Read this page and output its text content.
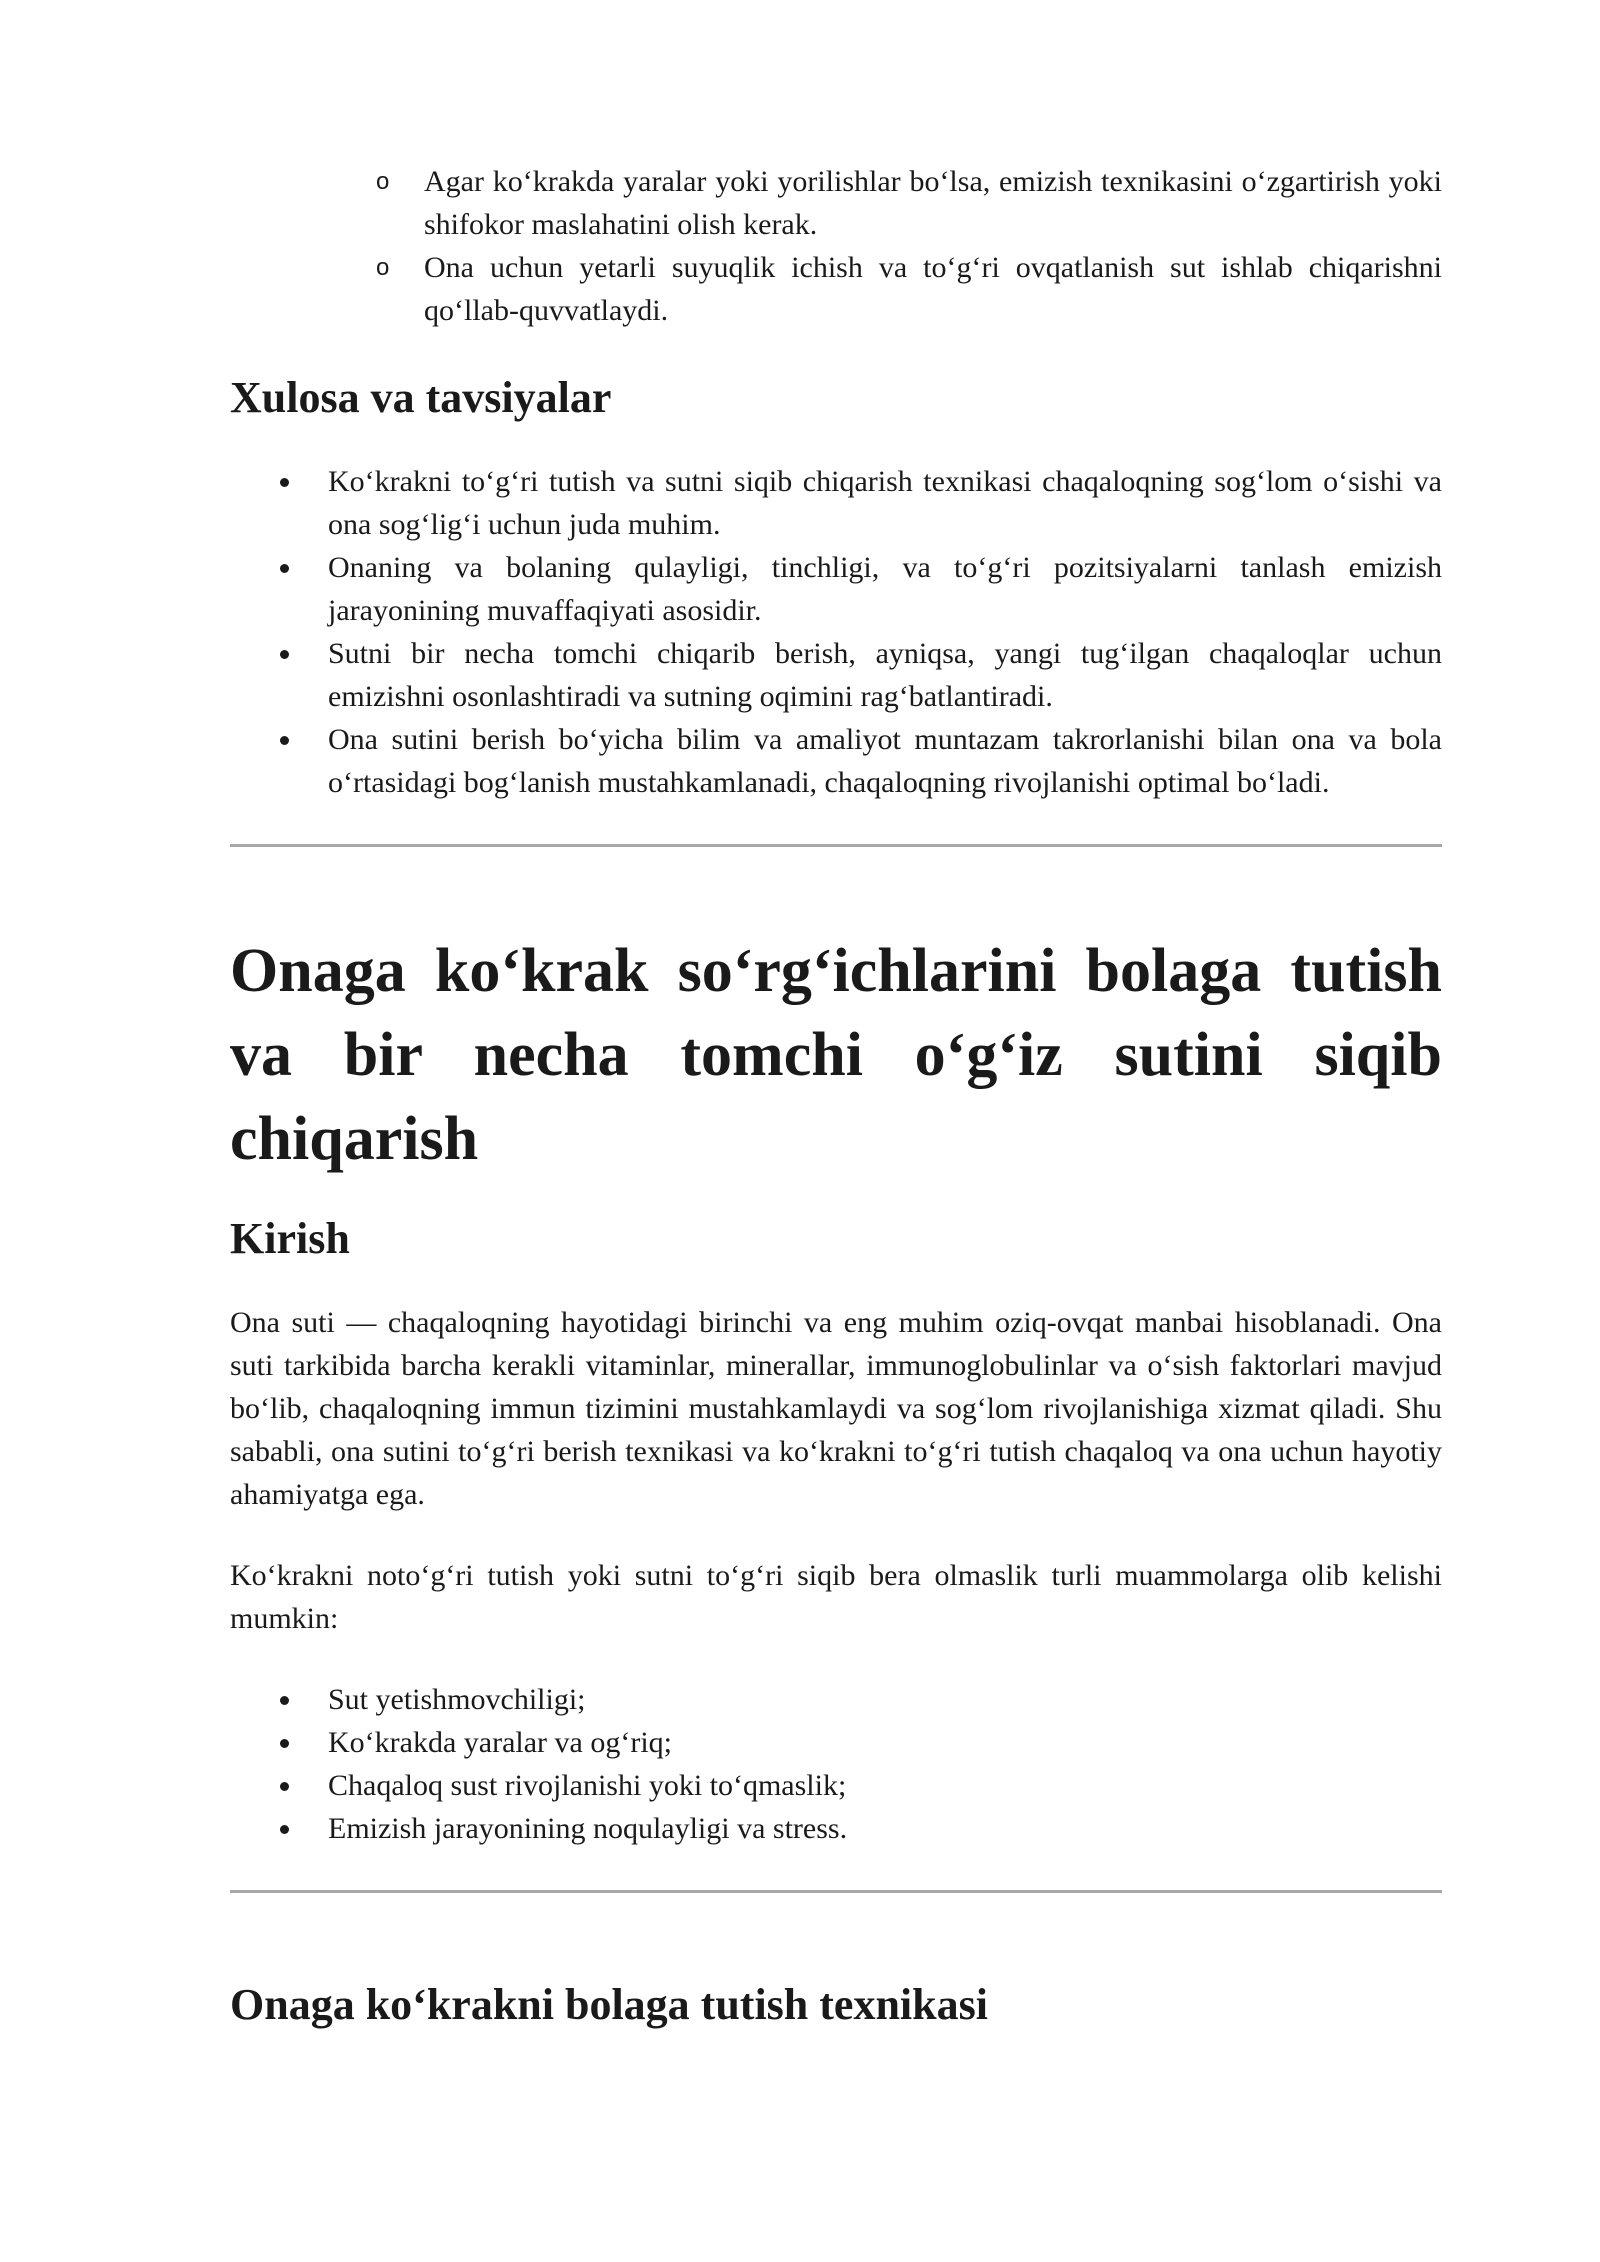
o Agar ko‘krakda yaralar yoki yorilishlar bo‘lsa, emizish texnikasini o‘zgartirish yoki shifokor maslahatini olish kerak.
o Ona uchun yetarli suyuqlik ichish va to‘g‘ri ovqatlanish sut ishlab chiqarishni qo‘llab-quvvatlaydi.
Xulosa va tavsiyalar
Ko‘krakni to‘g‘ri tutish va sutni siqib chiqarish texnikasi chaqaloqning sog‘lom o‘sishi va ona sog‘lig‘i uchun juda muhim.
Onaning va bolaning qulayligi, tinchligi, va to‘g‘ri pozitsiyalarni tanlash emizish jarayonining muvaffaqiyati asosidir.
Sutni bir necha tomchi chiqarib berish, ayniqsa, yangi tug‘ilgan chaqaloqlar uchun emizishni osonlashtiradi va sutning oqimini rag‘batlantiradi.
Ona sutini berish bo‘yicha bilim va amaliyot muntazam takrorlanishi bilan ona va bola o‘rtasidagi bog‘lanish mustahkamlanadi, chaqaloqning rivojlanishi optimal bo‘ladi.
Onaga ko‘krak so‘rg‘ichlarini bolaga tutish va bir necha tomchi o‘g‘iz sutini siqib chiqarish
Kirish

Ona suti — chaqaloqning hayotidagi birinchi va eng muhim oziq-ovqat manbai hisoblanadi. Ona suti tarkibida barcha kerakli vitaminlar, minerallar, immunoglobulinlar va o‘sish faktorlari mavjud bo‘lib, chaqaloqning immun tizimini mustahkamlaydi va sog‘lom rivojlanishiga xizmat qiladi. Shu sababli, ona sutini to‘g‘ri berish texnikasi va ko‘krakni to‘g‘ri tutish chaqaloq va ona uchun hayotiy ahamiyatga ega.

Ko‘krakni noto‘g‘ri tutish yoki sutni to‘g‘ri siqib bera olmaslik turli muammolarga olib kelishi mumkin:

Sut yetishmovchiligi;
Ko‘krakda yaralar va og‘riq;
Chaqaloq sust rivojlanishi yoki to‘qmaslik;
Emizish jarayonining noqulayligi va stress.
Onaga ko‘krakni bolaga tutish texnikasi
